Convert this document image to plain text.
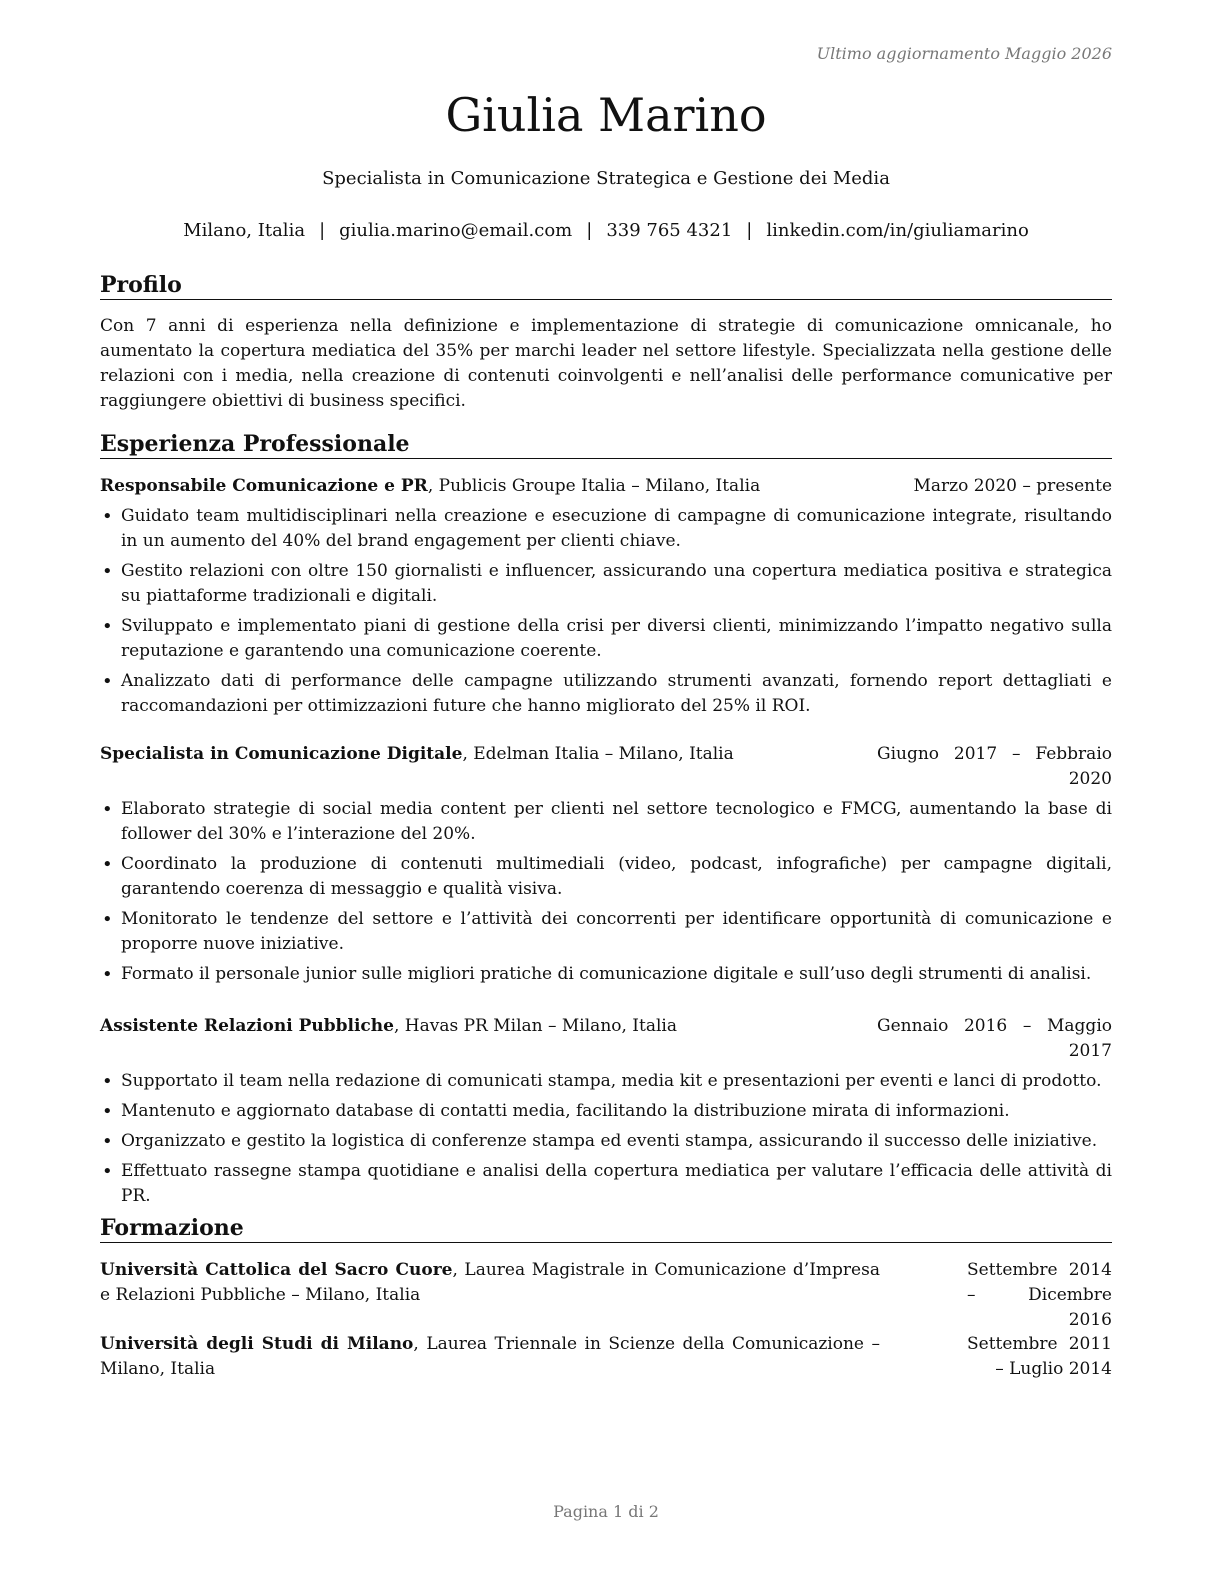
Ultimo aggiornamento Maggio 2026
Giulia Marino
Specialista in Comunicazione Strategica e Gestione dei Media
Milano, Italia | giulia.marino@email.com | 339 765 4321 | linkedin.com/in/giuliamarino
Profilo

Con 7 anni di esperienza nella definizione e implementazione di strategie di comunicazione omnicanale, ho aumentato la copertura mediatica del 35% per marchi leader nel settore lifestyle. Specializzata nella gestione delle relazioni con i media, nella creazione di contenuti coinvolgenti e nell’analisi delle performance comunicative per raggiungere obiettivi di business specifici.

Esperienza Professionale
Responsabile Comunicazione e PR, Publicis Groupe Italia – Milano, Italia	Marzo 2020 – presente
• Guidato team multidisciplinari nella creazione e esecuzione di campagne di comunicazione integrate, risultando in un aumento del 40% del brand engagement per clienti chiave.
• Gestito relazioni con oltre 150 giornalisti e influencer, assicurando una copertura mediatica positiva e strategica su piattaforme tradizionali e digitali.
• Sviluppato e implementato piani di gestione della crisi per diversi clienti, minimizzando l’impatto negativo sulla reputazione e garantendo una comunicazione coerente.
• Analizzato dati di performance delle campagne utilizzando strumenti avanzati, fornendo report dettagliati e raccomandazioni per ottimizzazioni future che hanno migliorato del 25% il ROI.
Specialista in Comunicazione Digitale, Edelman Italia – Milano, Italia	Giugno 2017 – Febbraio 2020
• Elaborato strategie di social media content per clienti nel settore tecnologico e FMCG, aumentando la base di follower del 30% e l’interazione del 20%.
• Coordinato la produzione di contenuti multimediali (video, podcast, infografiche) per campagne digitali, garantendo coerenza di messaggio e qualità visiva.
• Monitorato le tendenze del settore e l’attività dei concorrenti per identificare opportunità di comunicazione e proporre nuove iniziative.
• Formato il personale junior sulle migliori pratiche di comunicazione digitale e sull’uso degli strumenti di analisi.
Assistente Relazioni Pubbliche, Havas PR Milan – Milano, Italia	Gennaio 2016 – Maggio 2017
• Supportato il team nella redazione di comunicati stampa, media kit e presentazioni per eventi e lanci di prodotto.
• Mantenuto e aggiornato database di contatti media, facilitando la distribuzione mirata di informazioni.
• Organizzato e gestito la logistica di conferenze stampa ed eventi stampa, assicurando il successo delle iniziative.
• Effettuato rassegne stampa quotidiane e analisi della copertura mediatica per valutare l’efficacia delle attività di PR.
Formazione
Università Cattolica del Sacro Cuore, Laurea Magistrale in Comunicazione d’Impresa e Relazioni Pubbliche – Milano, Italia
Settembre 2014 – Dicembre 2016
Università degli Studi di Milano, Laurea Triennale in Scienze della Comunicazione – Milano, Italia
Settembre 2011 – Luglio 2014
Pagina 1 di 2
